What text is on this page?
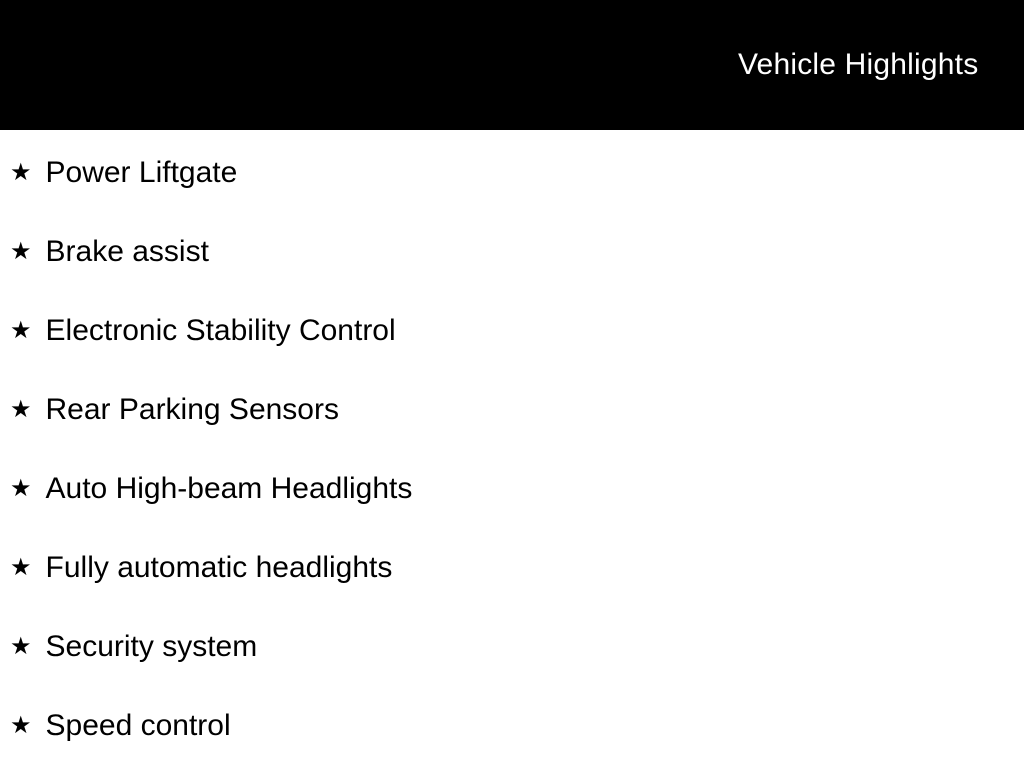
Vehicle Highlights
★ Power Liftgate
★ Brake assist
★ Electronic Stability Control
★ Rear Parking Sensors
★ Auto High-beam Headlights
★ Fully automatic headlights
★ Security system
★ Speed control
